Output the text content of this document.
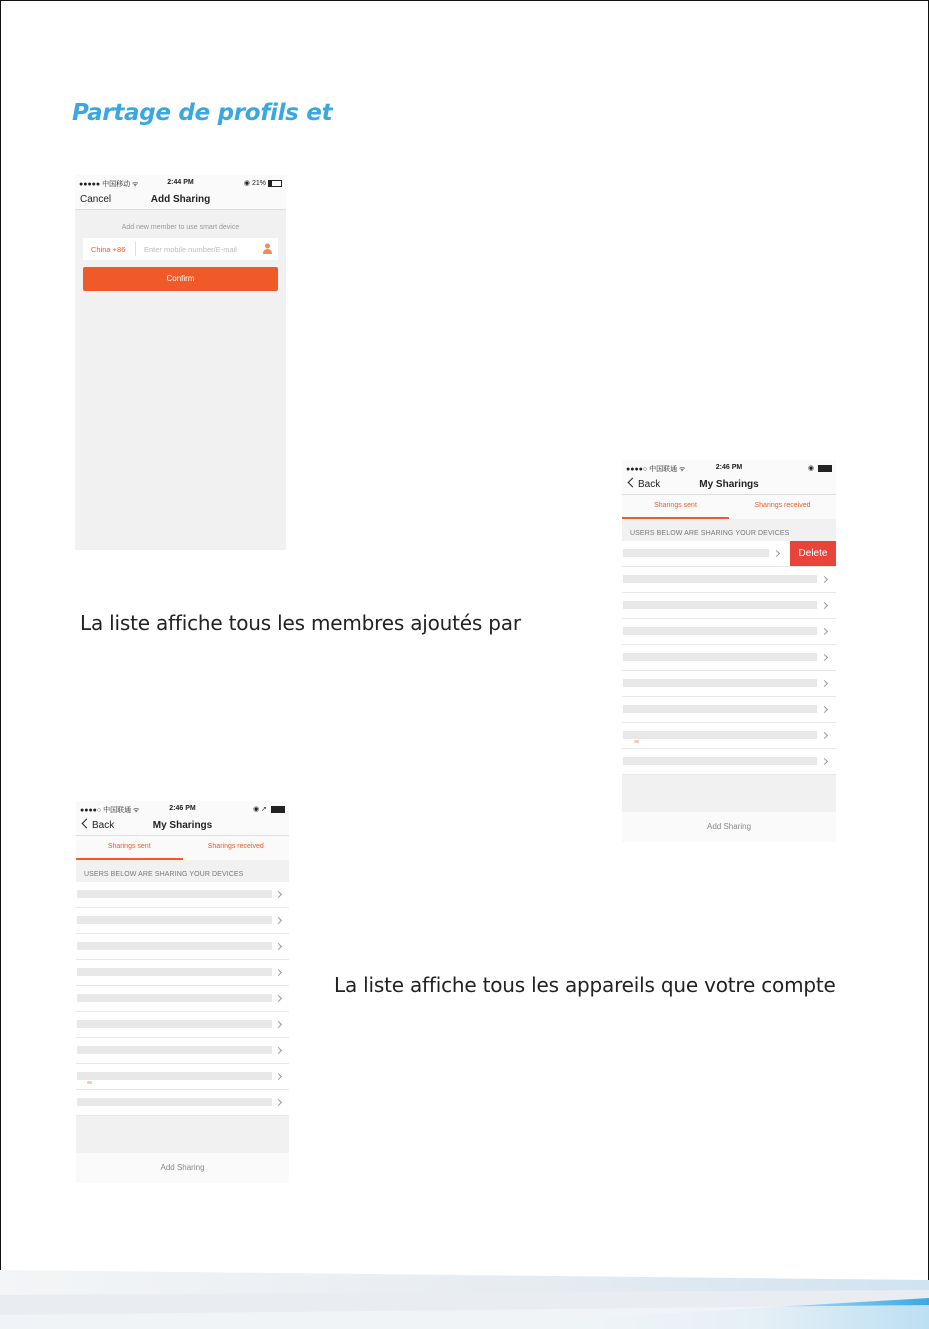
Partage de profils et
●●●●● 中国移动 ᯤ	2:44 PM	◉ 21%
Cancel	Add Sharing
Add new member to use smart device
China +86 Enter mobile number/E-mail
Confirm
●●●●○ 中国联通 ᯤ	2:46 PM	◉
Back	My Sharings
Sharings sent	Sharings received
USERS BELOW ARE SHARING YOUR DEVICES
Delete
Add Sharing
La liste affiche tous les membres ajoutés par
●●●●○ 中国联通 ᯤ	2:46 PM	◉ ➚
Back	My Sharings
Sharings sent	Sharings received
USERS BELOW ARE SHARING YOUR DEVICES
Add Sharing
La liste affiche tous les appareils que votre compte
